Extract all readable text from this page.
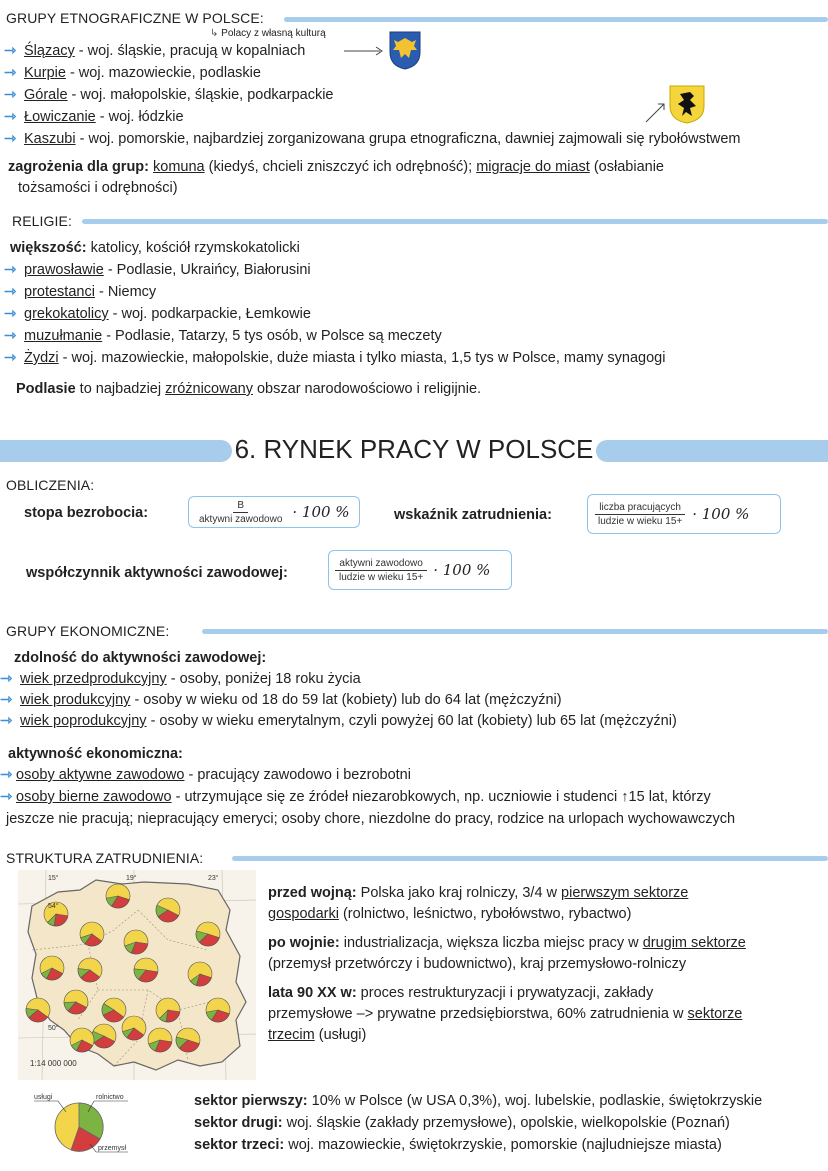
GRUPY ETNOGRAFICZNE W POLSCE:
↳ Polacy z własną kulturą
⇾ Ślązacy - woj. śląskie, pracują w kopalniach
⇾ Kurpie - woj. mazowieckie, podlaskie
⇾ Górale - woj. małopolskie, śląskie, podkarpackie
⇾ Łowiczanie - woj. łódzkie
⇾ Kaszubi - woj. pomorskie, najbardziej zorganizowana grupa etnograficzna, dawniej zajmowali się rybołówstwem
zagrożenia dla grup: komuna (kiedyś, chcieli zniszczyć ich odrębność); migracje do miast (osłabianie
tożsamości i odrębności)
RELIGIE:
większość: katolicy, kościół rzymskokatolicki
⇾ prawosławie - Podlasie, Ukraińcy, Białorusini
⇾ protestanci - Niemcy
⇾ grekokatolicy - woj. podkarpackie, Łemkowie
⇾ muzułmanie - Podlasie, Tatarzy, 5 tys osób, w Polsce są meczety
⇾ Żydzi - woj. mazowieckie, małopolskie, duże miasta i tylko miasta, 1,5 tys w Polsce, mamy synagogi
Podlasie to najbadziej zróżnicowany obszar narodowościowo i religijnie.
6. RYNEK PRACY W POLSCE
OBLICZENIA:
stopa bezrobocia:	$\frac{B}{\text{aktywni zawodowo}} \cdot 100$ %	wskaźnik zatrudnienia:	$\frac{\text{liczba pracujących}}{\text{ludzie w wieku 15+}} \cdot 100$ %
współczynnik aktywności zawodowej:	$\frac{\text{aktywni zawodowo}}{\text{ludzie w wieku 15+}} \cdot 100$ %
GRUPY EKONOMICZNE:
zdolność do aktywności zawodowej:
⇾ wiek przedprodukcyjny - osoby, poniżej 18 roku życia
⇾ wiek produkcyjny - osoby w wieku od 18 do 59 lat (kobiety) lub do 64 lat (mężczyźni)
⇾ wiek poprodukcyjny - osoby w wieku emerytalnym, czyli powyżej 60 lat (kobiety) lub 65 lat (mężczyźni)
aktywność ekonomiczna:
⇾ osoby aktywne zawodowo - pracujący zawodowo i bezrobotni
⇾ osoby bierne zawodowo - utrzymujące się ze źródeł niezarobkowych, np. uczniowie i studenci ↑15 lat, którzy
jeszcze nie pracują; niepracujący emeryci; osoby chore, niezdolne do pracy, rodzice na urlopach wychowawczych
STRUKTURA ZATRUDNIENIA:
54°
50°
15°	19°	23°
1:14 000 000
przed wojną: Polska jako kraj rolniczy, 3/4 w pierwszym sektorze
gospodarki (rolnictwo, leśnictwo, rybołówstwo, rybactwo)
po wojnie: industrializacja, większa liczba miejsc pracy w drugim sektorze
(przemysł przetwórczy i budownictwo), kraj przemysłowo-rolniczy
lata 90 XX w: proces restrukturyzacji i prywatyzacji, zakłady
przemysłowe –> prywatne przedsiębiorstwa, 60% zatrudnienia w sektorze
trzecim (usługi)
usługi	rolnictwo
przemysł
sektor pierwszy: 10% w Polsce (w USA 0,3%), woj. lubelskie, podlaskie, świętokrzyskie
sektor drugi: woj. śląskie (zakłady przemysłowe), opolskie, wielkopolskie (Poznań)
sektor trzeci: woj. mazowieckie, świętokrzyskie, pomorskie (najludniejsze miasta)
